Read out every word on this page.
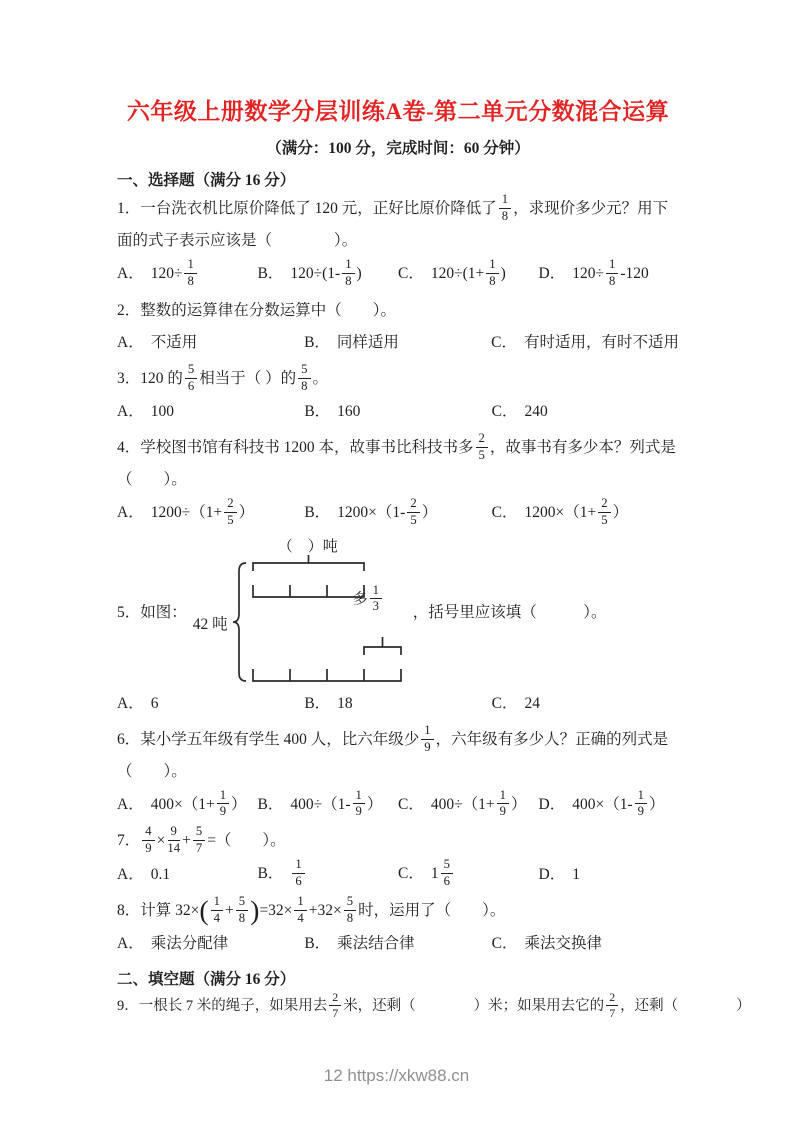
六年级上册数学分层训练A卷-第二单元分数混合运算
（满分：100 分，完成时间：60 分钟）
一、选择题（满分 16 分）
1．一台洗衣机比原价降低了 120 元，正好比原价降低了 $\frac{1}{8}$ ，求现价多少元？用下面的式子表示应该是（　　　　）。
A． $120\div \frac{1}{8}$	B． $120\div(1- \frac{1}{8}$ )	C． $120\div(1+ \frac{1}{8}$ )	D． $120\div \frac{1}{8} -120$
2．整数的运算律在分数运算中（　　）。
A． 不适用	B． 同样适用	C． 有时适用，有时不适用
3．120 的 $\frac{5}{6}$ 相当于（ ）的 $\frac{5}{8}$ 。
A． 100	B． 160	C． 240
4．学校图书馆有科技书 1200 本，故事书比科技书多 $\frac{2}{5}$ ，故事书有多少本？列式是（　　）。
A． $1200\div(1+ \frac{2}{5}$ ）	B． $1200\times(1- \frac{2}{5}$ ）	C． $1200\times(1+ \frac{2}{5}$ ）
5．如图：
（　）吨
42 吨
多 $\frac{1}{3}$ ，括号里应该填（　　　）。
A． 6	B． 18	C． 24
6．某小学五年级有学生 400 人，比六年级少 $\frac{1}{9}$ ，六年级有多少人？正确的列式是（　　）。
A． $400\times(1+ \frac{1}{9}$ ） B． $400\div(1- \frac{1}{9}$ ）	C． $400\div(1+ \frac{1}{9}$ ） D． $400\times(1- \frac{1}{9}$ ）
7． $\frac{4}{9} \times \frac{9}{14} + \frac{5}{7}$ =（　　）。
A． 0.1	B． $\frac{1}{6}$	C． $1 \frac{5}{6}$	D． 1
8．计算 $32\times( \frac{1}{4} + \frac{5}{8} )=32\times \frac{1}{4} +32\times \frac{5}{8}$ 时，运用了（　　）。
A． 乘法分配律	B． 乘法结合律	C． 乘法交换律
二、填空题（满分 16 分）
9．一根长 7 米的绳子，如果用去 $\frac{2}{7}$ 米，还剩（　　　　）米；如果用去它的 $\frac{2}{7}$ ，还剩（　　　　）
12 https://xkw88.cn
